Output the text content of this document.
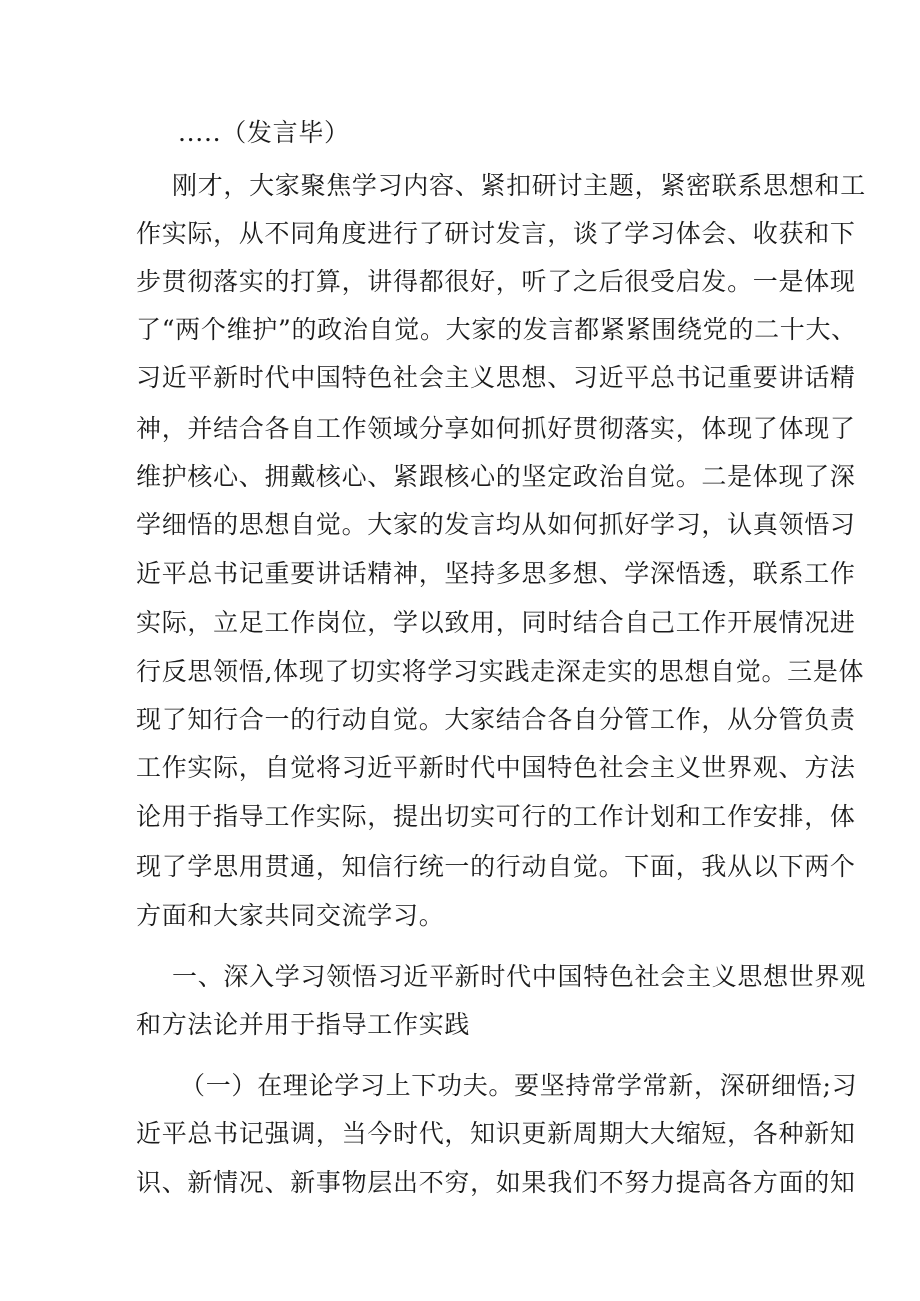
.....（发言毕）
刚才，大家聚焦学习内容、紧扣研讨主题，紧密联系思想和工
作实际，从不同角度进行了研讨发言，谈了学习体会、收获和下
步贯彻落实的打算，讲得都很好，听了之后很受启发。一是体现
了“两个维护”的政治自觉。大家的发言都紧紧围绕党的二十大、
习近平新时代中国特色社会主义思想、习近平总书记重要讲话精
神，并结合各自工作领域分享如何抓好贯彻落实，体现了体现了
维护核心、拥戴核心、紧跟核心的坚定政治自觉。二是体现了深
学细悟的思想自觉。大家的发言均从如何抓好学习，认真领悟习
近平总书记重要讲话精神，坚持多思多想、学深悟透，联系工作
实际，立足工作岗位，学以致用，同时结合自己工作开展情况进
行反思领悟,体现了切实将学习实践走深走实的思想自觉。三是体
现了知行合一的行动自觉。大家结合各自分管工作，从分管负责
工作实际，自觉将习近平新时代中国特色社会主义世界观、方法
论用于指导工作实际，提出切实可行的工作计划和工作安排，体
现了学思用贯通，知信行统一的行动自觉。下面，我从以下两个
方面和大家共同交流学习。
一、深入学习领悟习近平新时代中国特色社会主义思想世界观
和方法论并用于指导工作实践
（一）在理论学习上下功夫。要坚持常学常新，深研细悟;习
近平总书记强调，当今时代，知识更新周期大大缩短，各种新知
识、新情况、新事物层出不穷，如果我们不努力提高各方面的知
